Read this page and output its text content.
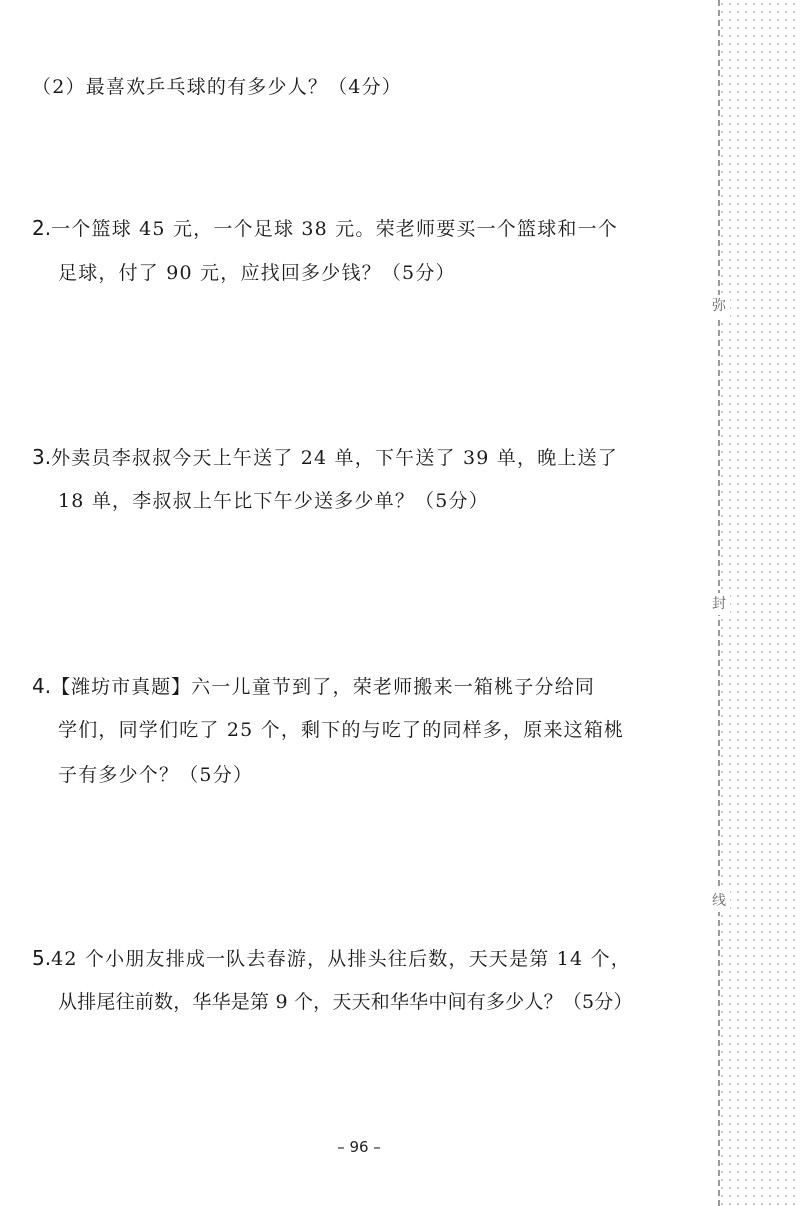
弥
封
线

（2）最喜欢乒乓球的有多少人？（4分）

2.一个篮球 45 元，一个足球 38 元。荣老师要买一个篮球和一个

足球，付了 90 元，应找回多少钱？（5分）

3.外卖员李叔叔今天上午送了 24 单，下午送了 39 单，晚上送了

18 单，李叔叔上午比下午少送多少单？（5分）

4.【潍坊市真题】六一儿童节到了，荣老师搬来一箱桃子分给同

学们，同学们吃了 25 个，剩下的与吃了的同样多，原来这箱桃

子有多少个？（5分）

5.42 个小朋友排成一队去春游，从排头往后数，天天是第 14 个，

从排尾往前数，华华是第 9 个，天天和华华中间有多少人？（5分）

– 96 –
